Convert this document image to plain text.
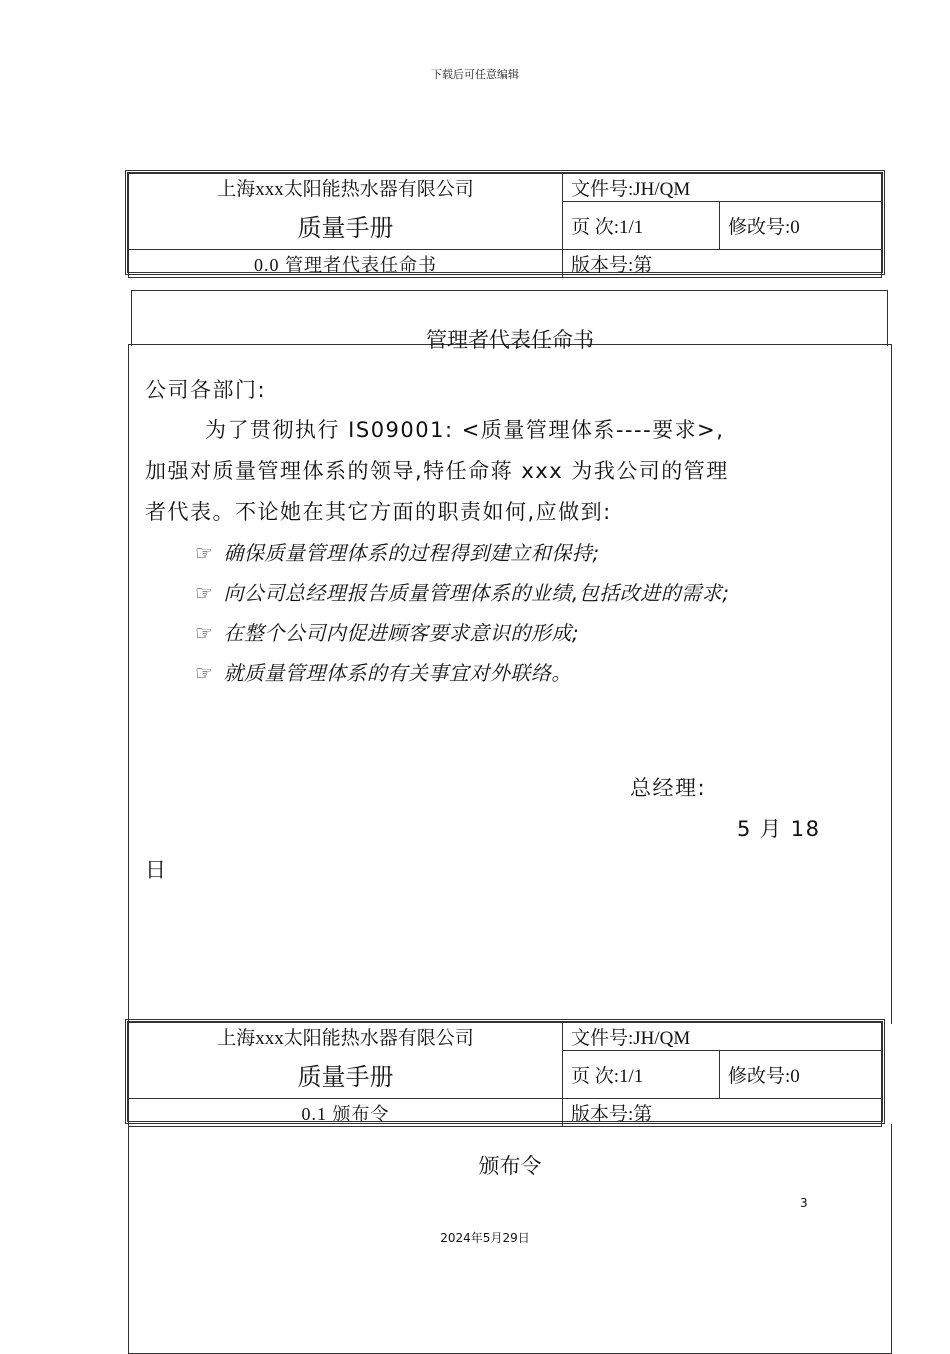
下载后可任意编辑
上海xxx太阳能热水器有限公司	文件号:JH/QM	
质量手册	页 次:1/1	修改号:0
0.0 管理者代表任命书	版本号:第	
管理者代表任命书
公司各部门:
为了贯彻执行 IS09001: <质量管理体系----要求>,
加强对质量管理体系的领导,特任命蒋 xxx 为我公司的管理
者代表。不论她在其它方面的职责如何,应做到:
☞ 确保质量管理体系的过程得到建立和保持;
☞ 向公司总经理报告质量管理体系的业绩,包括改进的需求;
☞ 在整个公司内促进顾客要求意识的形成;
☞ 就质量管理体系的有关事宜对外联络。
总经理:
5 月 18
日
上海xxx太阳能热水器有限公司	文件号:JH/QM	
质量手册	页 次:1/1	修改号:0
0.1 颁布令	版本号:第	
颁布令
3
2024年5月29日
